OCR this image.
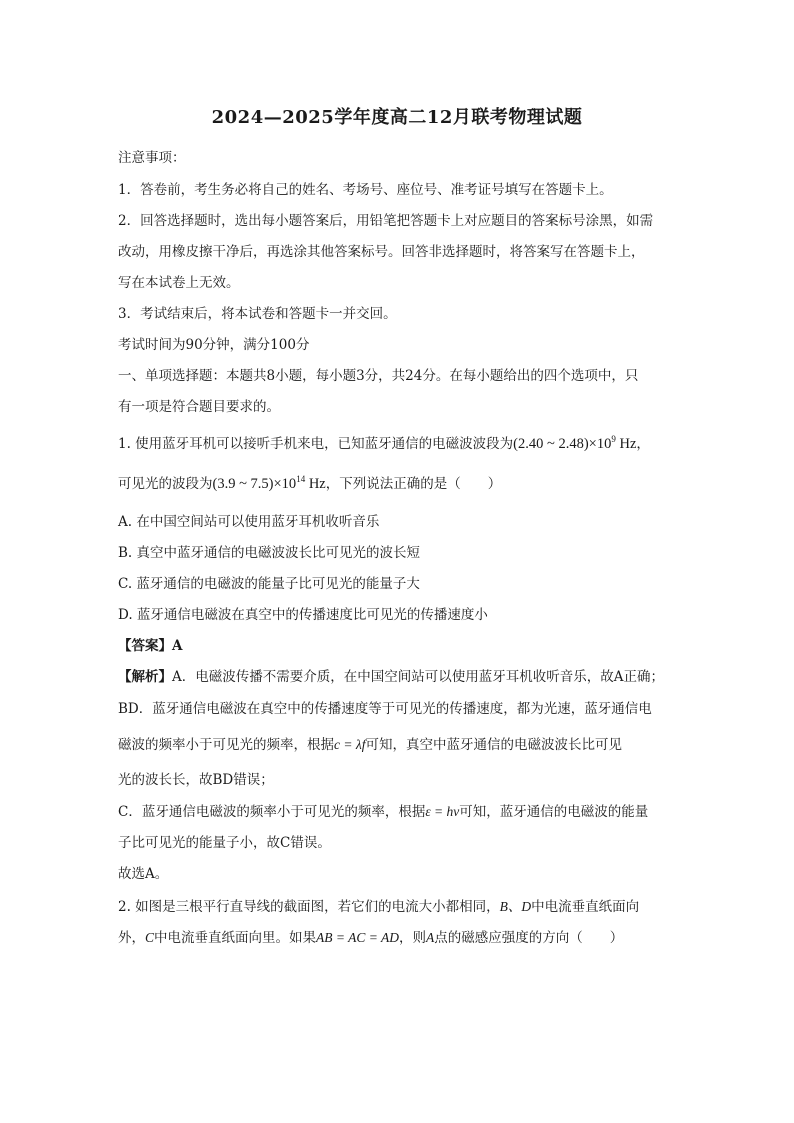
2024—2025学年度高二12月联考物理试题
注意事项：
1．答卷前，考生务必将自己的姓名、考场号、座位号、准考证号填写在答题卡上。
2．回答选择题时，选出每小题答案后，用铅笔把答题卡上对应题目的答案标号涂黑，如需
改动，用橡皮擦干净后，再选涂其他答案标号。回答非选择题时，将答案写在答题卡上，
写在本试卷上无效。
3．考试结束后，将本试卷和答题卡一并交回。
考试时间为90分钟，满分100分
一、单项选择题：本题共8小题，每小题3分，共24分。在每小题给出的四个选项中，只
有一项是符合题目要求的。
1. 使用蓝牙耳机可以接听手机来电，已知蓝牙通信的电磁波波段为(2.40 ~ $2.48)\times 10^9$ Hz，
可见光的波段为(3.9 ~ $7.5)\times 10^{14}$ Hz，下列说法正确的是（　　）
A. 在中国空间站可以使用蓝牙耳机收听音乐
B. 真空中蓝牙通信的电磁波波长比可见光的波长短
C. 蓝牙通信的电磁波的能量子比可见光的能量子大
D. 蓝牙通信电磁波在真空中的传播速度比可见光的传播速度小
【答案】A
【解析】A．电磁波传播不需要介质，在中国空间站可以使用蓝牙耳机收听音乐，故A正确；
BD．蓝牙通信电磁波在真空中的传播速度等于可见光的传播速度，都为光速，蓝牙通信电
磁波的频率小于可见光的频率，根据c = λf可知，真空中蓝牙通信的电磁波波长比可见
光的波长长，故BD错误；
C．蓝牙通信电磁波的频率小于可见光的频率，根据ε = hν可知，蓝牙通信的电磁波的能量
子比可见光的能量子小，故C错误。
故选A。
2. 如图是三根平行直导线的截面图，若它们的电流大小都相同，B、D中电流垂直纸面向
外，C中电流垂直纸面向里。如果AB = AC = AD，则A点的磁感应强度的方向（　　）
